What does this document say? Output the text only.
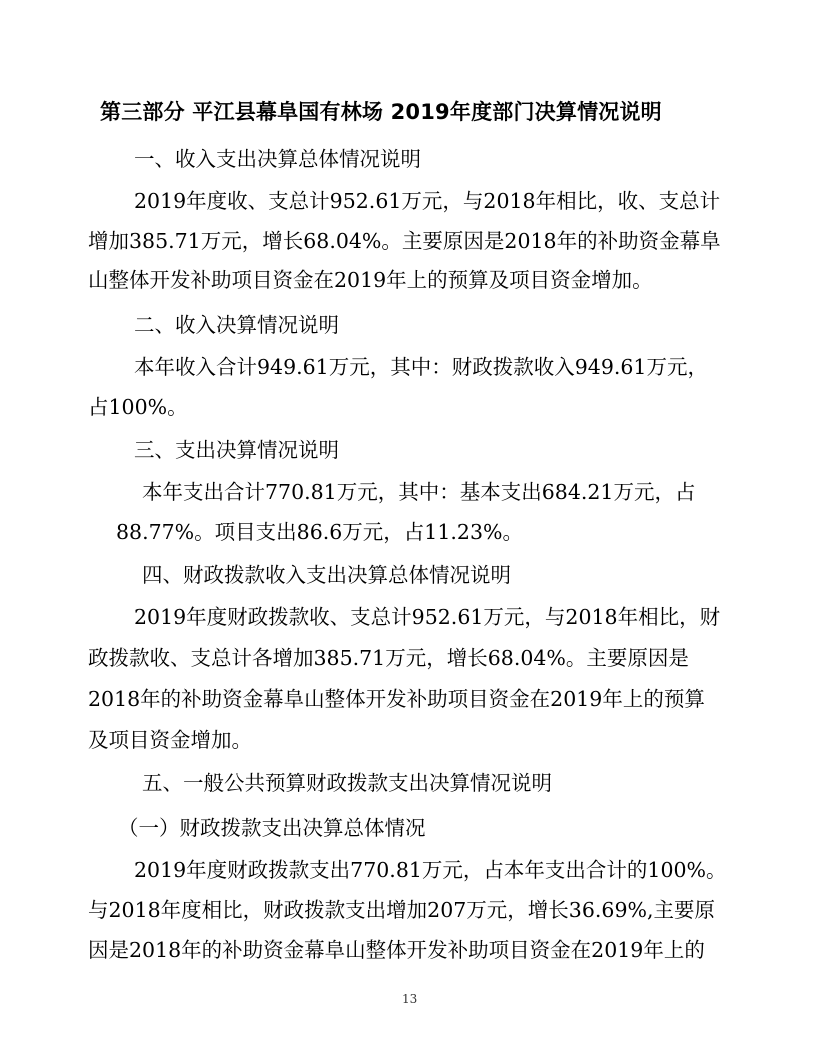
第三部分 平江县幕阜国有林场 2019年度部门决算情况说明
一、收入支出决算总体情况说明
2019年度收、支总计952.61万元，与2018年相比，收、支总计
增加385.71万元，增长68.04%。主要原因是2018年的补助资金幕阜
山整体开发补助项目资金在2019年上的预算及项目资金增加。
二、收入决算情况说明
本年收入合计949.61万元，其中：财政拨款收入949.61万元，
占100%。
三、支出决算情况说明
本年支出合计770.81万元，其中：基本支出684.21万元，占
88.77%。项目支出86.6万元，占11.23%。
四、财政拨款收入支出决算总体情况说明
2019年度财政拨款收、支总计952.61万元，与2018年相比，财
政拨款收、支总计各增加385.71万元，增长68.04%。主要原因是
2018年的补助资金幕阜山整体开发补助项目资金在2019年上的预算
及项目资金增加。
五、一般公共预算财政拨款支出决算情况说明
（一）财政拨款支出决算总体情况
2019年度财政拨款支出770.81万元，占本年支出合计的100%。
与2018年度相比，财政拨款支出增加207万元，增长36.69%,主要原
因是2018年的补助资金幕阜山整体开发补助项目资金在2019年上的
13
